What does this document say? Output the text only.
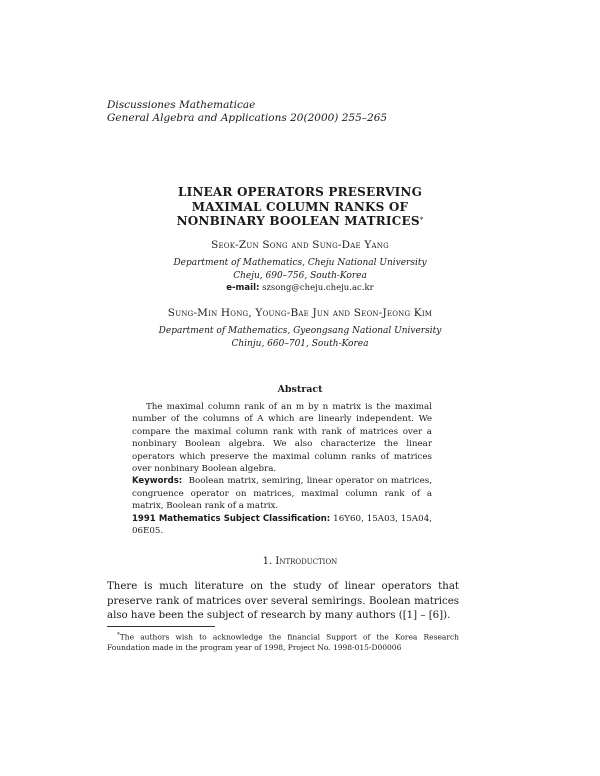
Discussiones Mathematicae
General Algebra and Applications 20(2000) 255–265
LINEAR OPERATORS PRESERVING
MAXIMAL COLUMN RANKS OF
NONBINARY BOOLEAN MATRICES*
Seok-Zun Song and Sung-Dae Yang
Department of Mathematics, Cheju National University
Cheju, 690–756, South-Korea
e-mail: szsong@cheju.cheju.ac.kr
Sung-Min Hong, Young-Bae Jun and Seon-Jeong Kim
Department of Mathematics, Gyeongsang National University
Chinju, 660–701, South-Korea
Abstract

The maximal column rank of an m by n matrix is the maximal number of the columns of A which are linearly independent. We compare the maximal column rank with rank of matrices over a nonbinary Boolean algebra. We also characterize the linear operators which preserve the maximal column ranks of matrices over nonbinary Boolean algebra.

Keywords: Boolean matrix, semiring, linear operator on matrices, congruence operator on matrices, maximal column rank of a matrix, Boolean rank of a matrix.

1991 Mathematics Subject Classification: 16Y60, 15A03, 15A04, 06E05.

1. Introduction
There is much literature on the study of linear operators that preserve rank of matrices over several semirings. Boolean matrices also have been the subject of research by many authors ([1] – [6]).
*The authors wish to acknowledge the financial Support of the Korea Research Foundation made in the program year of 1998, Project No. 1998-015-D00006
